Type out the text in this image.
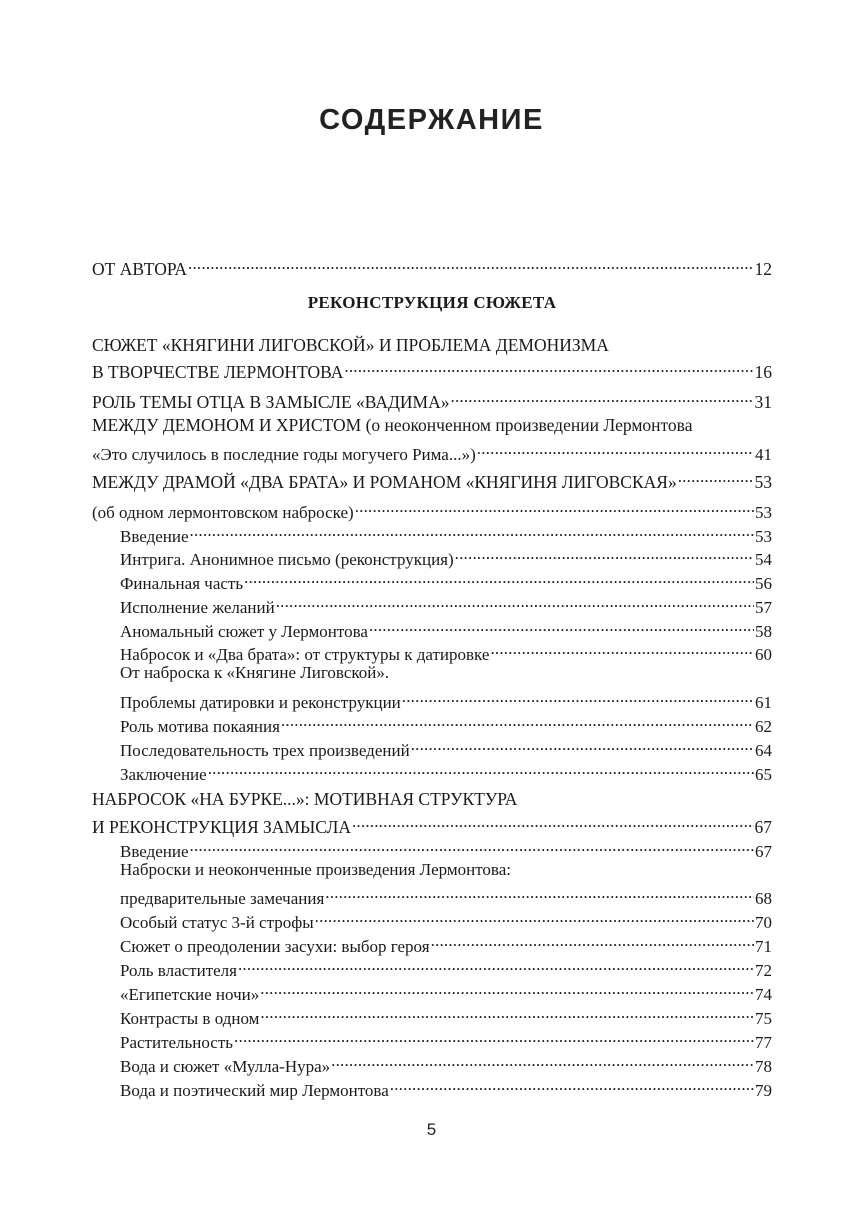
СОДЕРЖАНИЕ
ОТ АВТОРА .....	12
РЕКОНСТРУКЦИЯ СЮЖЕТА
СЮЖЕТ «КНЯГИНИ ЛИГОВСКОЙ» И ПРОБЛЕМА ДЕМОНИЗМА
В ТВОРЧЕСТВЕ ЛЕРМОНТОВА .....	16
РОЛЬ ТЕМЫ ОТЦА В ЗАМЫСЛЕ «ВАДИМА» .....	31
МЕЖДУ ДЕМОНОМ И ХРИСТОМ (о неоконченном произведении Лермонтова
«Это случилось в последние годы могучего Рима...») .....	41
МЕЖДУ ДРАМОЙ «ДВА БРАТА» И РОМАНОМ «КНЯГИНЯ ЛИГОВСКАЯ» .....	53
(об одном лермонтовском наброске) .....	53
Введение .....	53
Интрига. Анонимное письмо (реконструкция) .....	54
Финальная часть .....	56
Исполнение желаний .....	57
Аномальный сюжет у Лермонтова .....	58
Набросок и «Два брата»: от структуры к датировке .....	60
От наброска к «Княгине Лиговской».
Проблемы датировки и реконструкции .....	61
Роль мотива покаяния .....	62
Последовательность трех произведений .....	64
Заключение .....	65
НАБРОСОК «НА БУРКЕ...»: МОТИВНАЯ СТРУКТУРА
И РЕКОНСТРУКЦИЯ ЗАМЫСЛА .....	67
Введение .....	67
Наброски и неоконченные произведения Лермонтова:
предварительные замечания .....	68
Особый статус 3-й строфы .....	70
Сюжет о преодолении засухи: выбор героя .....	71
Роль властителя .....	72
«Египетские ночи» .....	74
Контрасты в одном .....	75
Растительность .....	77
Вода и сюжет «Мулла-Нура» .....	78
Вода и поэтический мир Лермонтова .....	79
5
